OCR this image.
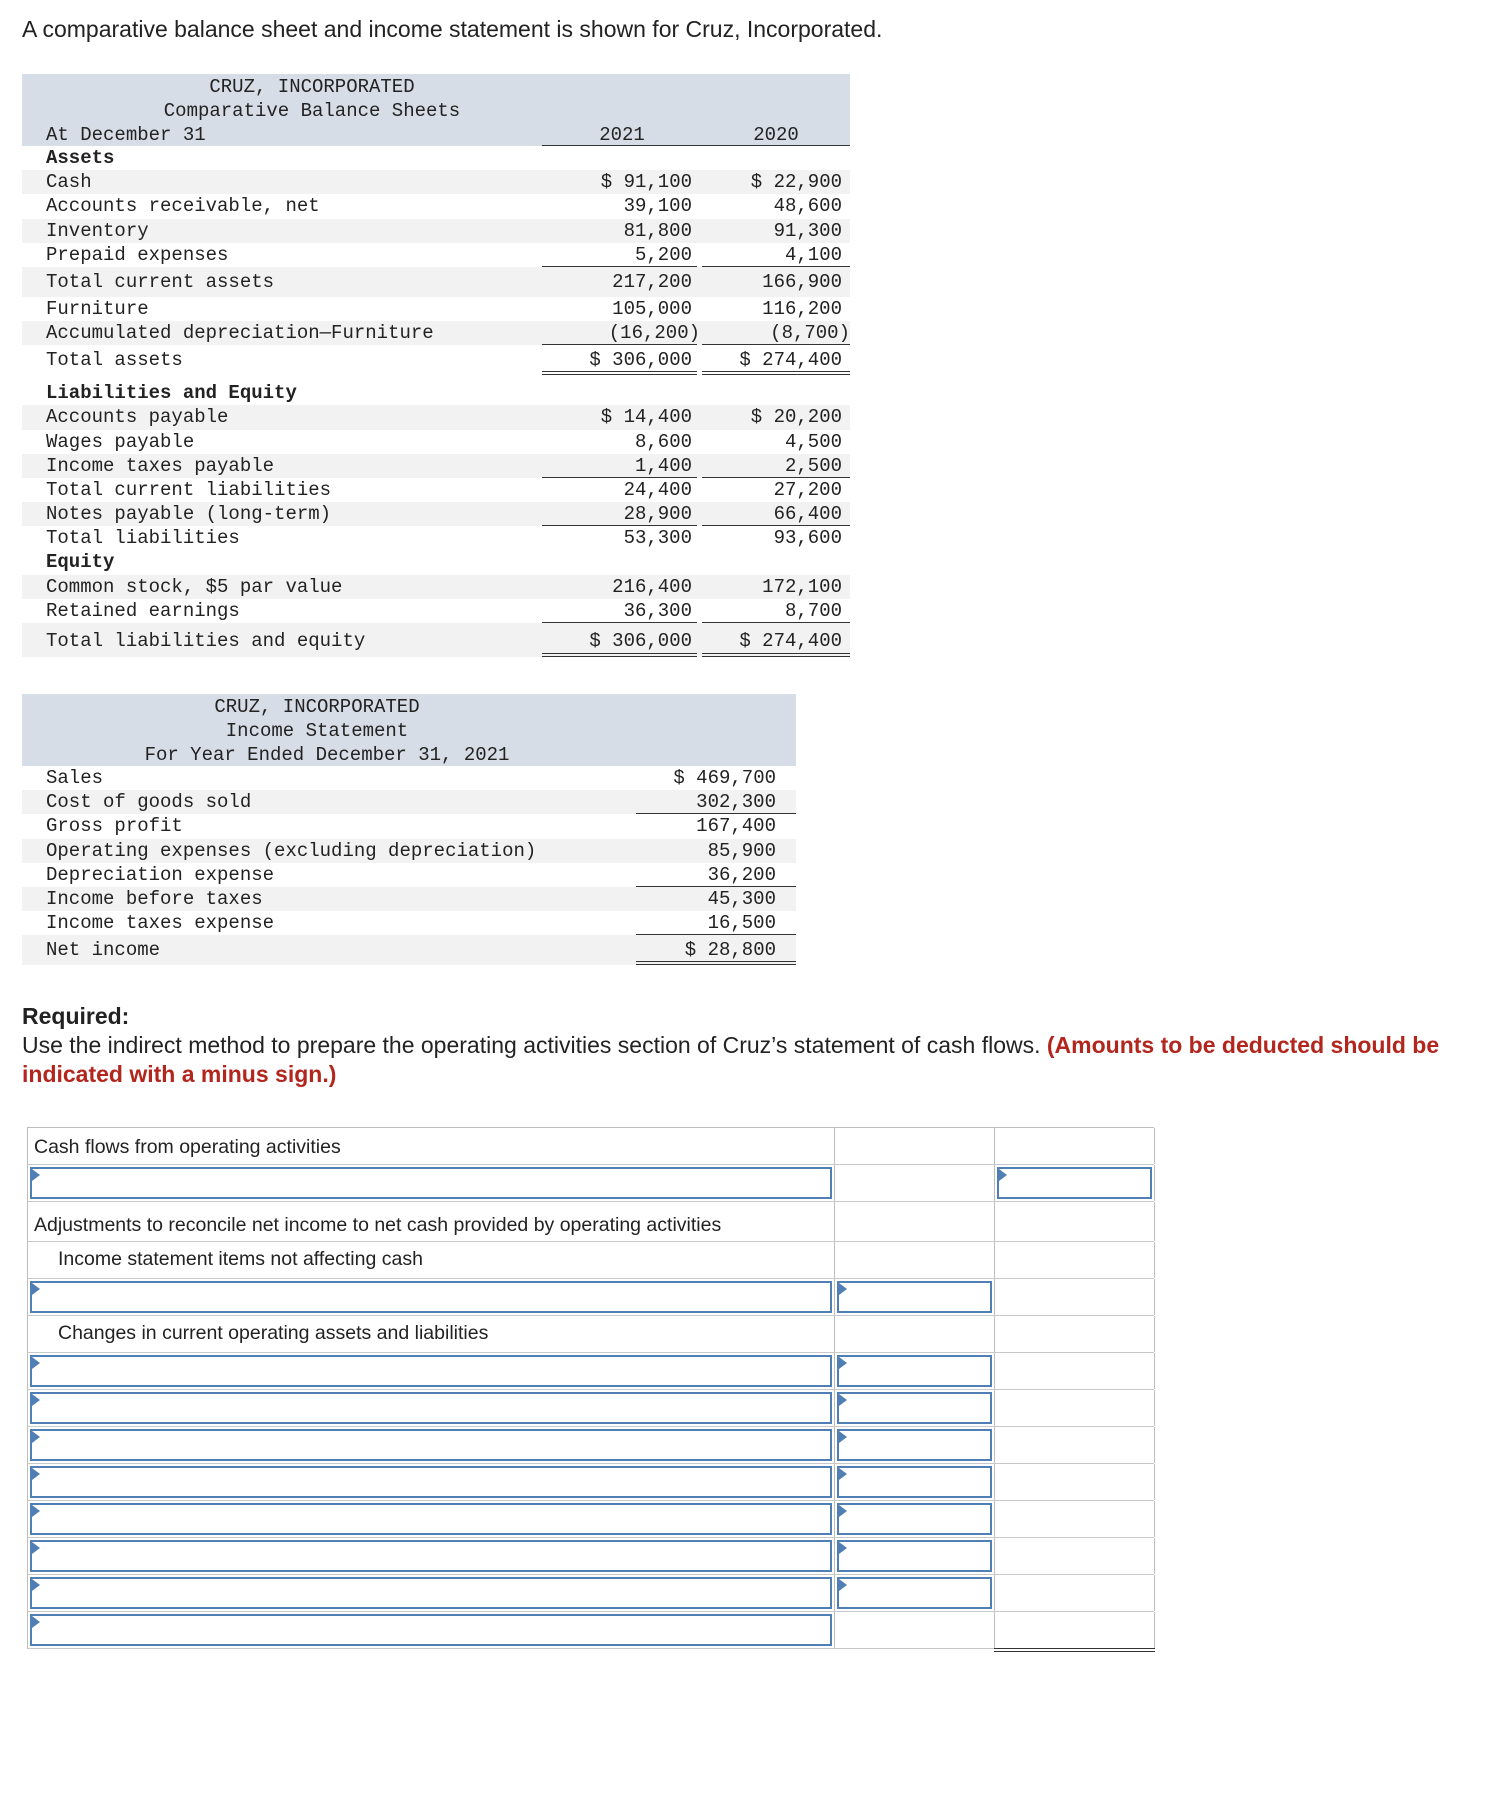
A comparative balance sheet and income statement is shown for Cruz, Incorporated.
CRUZ, INCORPORATED
Comparative Balance Sheets
At December 31	2021	2020
Assets
Cash	$ 91,100	$ 22,900
Accounts receivable, net	39,100	48,600
Inventory	81,800	91,300
Prepaid expenses	5,200	4,100
Total current assets	217,200	166,900
Furniture	105,000	116,200
Accumulated depreciation—Furniture	(16,200)	(8,700)
Total assets	$ 306,000	$ 274,400
Liabilities and Equity
Accounts payable	$ 14,400	$ 20,200
Wages payable	8,600	4,500
Income taxes payable	1,400	2,500
Total current liabilities	24,400	27,200
Notes payable (long-term)	28,900	66,400
Total liabilities	53,300	93,600
Equity
Common stock, $5 par value	216,400	172,100
Retained earnings	36,300	8,700
Total liabilities and equity	$ 306,000	$ 274,400
CRUZ, INCORPORATED
Income Statement
For Year Ended December 31, 2021
Sales	$ 469,700
Cost of goods sold	302,300
Gross profit	167,400
Operating expenses (excluding depreciation)	85,900
Depreciation expense	36,200
Income before taxes	45,300
Income taxes expense	16,500
Net income	$ 28,800
Required:
Use the indirect method to prepare the operating activities section of Cruz’s statement of cash flows. (Amounts to be deducted should be indicated with a minus sign.)
Cash flows from operating activities
Adjustments to reconcile net income to net cash provided by operating activities
Income statement items not affecting cash
Changes in current operating assets and liabilities
